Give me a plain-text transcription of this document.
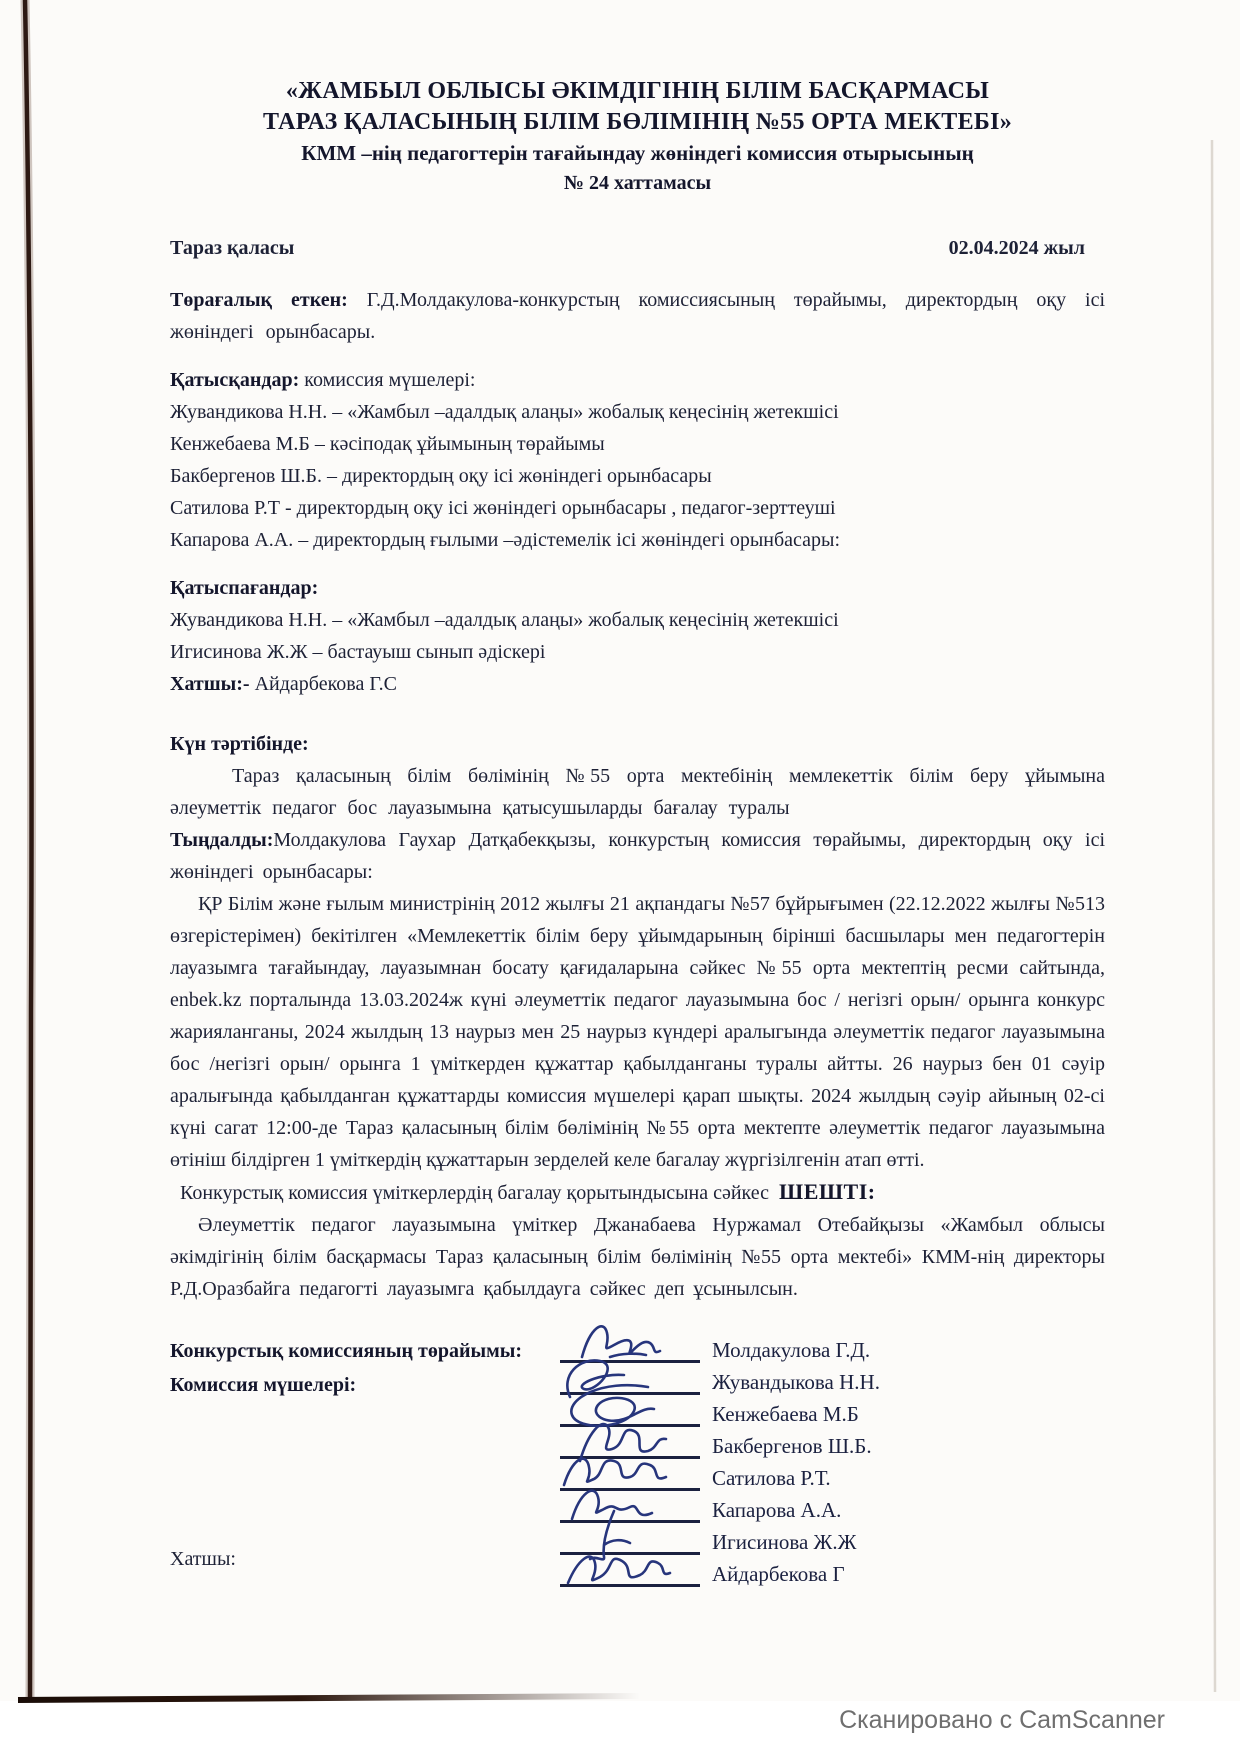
«ЖАМБЫЛ ОБЛЫСЫ ӘКІМДІГІНІҢ БІЛІМ БАСҚАРМАСЫ
ТАРАЗ ҚАЛАСЫНЫҢ БІЛІМ БӨЛІМІНІҢ №55 ОРТА МЕКТЕБІ»
КММ –нің педагогтерін тағайындау жөніндегі комиссия отырысының
№ 24 хаттамасы
Тараз қаласы	02.04.2024 жыл

Төрағалық еткен: Г.Д.Молдакулова-конкурстың комиссиясының төрайымы, директордың оқу ісі жөніндегі орынбасары.

Қатысқандар: комиссия мүшелері:

Жувандикова Н.Н. – «Жамбыл –адалдық алаңы» жобалық кеңесінің жетекшісі
Кенжебаева М.Б – кәсіподақ ұйымының төрайымы
Бакбергенов Ш.Б. – директордың оқу ісі жөніндегі орынбасары
Сатилова Р.Т - директордың оқу ісі жөніндегі орынбасары , педагог-зерттеуші
Капарова А.А. – директордың ғылыми –әдістемелік ісі жөніндегі орынбасары:

Қатыспағандар:

Жувандикова Н.Н. – «Жамбыл –адалдық алаңы» жобалық кеңесінің жетекшісі
Игисинова Ж.Ж – бастауыш сынып әдіскері
Хатшы:- Айдарбекова Г.С

Күн тәртібінде:

Тараз қаласының білім бөлімінің №55 орта мектебінің мемлекеттік білім беру ұйымына әлеуметтік педагог бос лауазымына қатысушыларды бағалау туралы

Тыңдалды:Молдакулова Гаухар Датқабекқызы, конкурстың комиссия төрайымы, директордың оқу ісі жөніндегі орынбасары:

ҚР Білім және ғылым министрінің 2012 жылғы 21 ақпандагы №57 бұйрығымен (22.12.2022 жылғы №513 өзгерістерімен) бекітілген «Мемлекеттік білім беру ұйымдарының бірінші басшылары мен педагогтерін лауазымга тағайындау, лауазымнан босату қағидаларына сәйкес №55 орта мектептің ресми сайтында, enbek.kz порталында 13.03.2024ж күні әлеуметтік педагог лауазымына бос / негізгі орын/ орынга конкурс жарияланганы, 2024 жылдың 13 наурыз мен 25 наурыз күндері аралыгында әлеуметтік педагог лауазымына бос /негізгі орын/ орынга 1 үміткерден құжаттар қабылданганы туралы айтты. 26 наурыз бен 01 сәуір аралығында қабылданган құжаттарды комиссия мүшелері қарап шықты. 2024 жылдың сәуір айының 02-сі күні сагат 12:00-де Тараз қаласының білім бөлімінің №55 орта мектепте әлеуметтік педагог лауазымына өтініш білдірген 1 үміткердің құжаттарын зерделей келе багалау жүргізілгенін атап өтті.

Конкурстық комиссия үміткерлердің багалау қорытындысына сәйкес ШЕШТІ:

Әлеуметтік педагог лауазымына үміткер Джанабаева Нуржамал Отебайқызы «Жамбыл облысы әкімдігінің білім басқармасы Тараз қаласының білім бөлімінің №55 орта мектебі» КММ-нің директоры Р.Д.Оразбайга педагогті лауазымга қабылдауга сәйкес деп ұсынылсын.

Конкурстық комиссияның төрайымы:
Комиссия мүшелері:
Хатшы:
Молдакулова Г.Д.
Жувандыкова Н.Н.
Кенжебаева М.Б
Бакбергенов Ш.Б.
Сатилова Р.Т.
Капарова А.А.
Игисинова Ж.Ж
Айдарбекова Г
Сканировано с CamScanner
